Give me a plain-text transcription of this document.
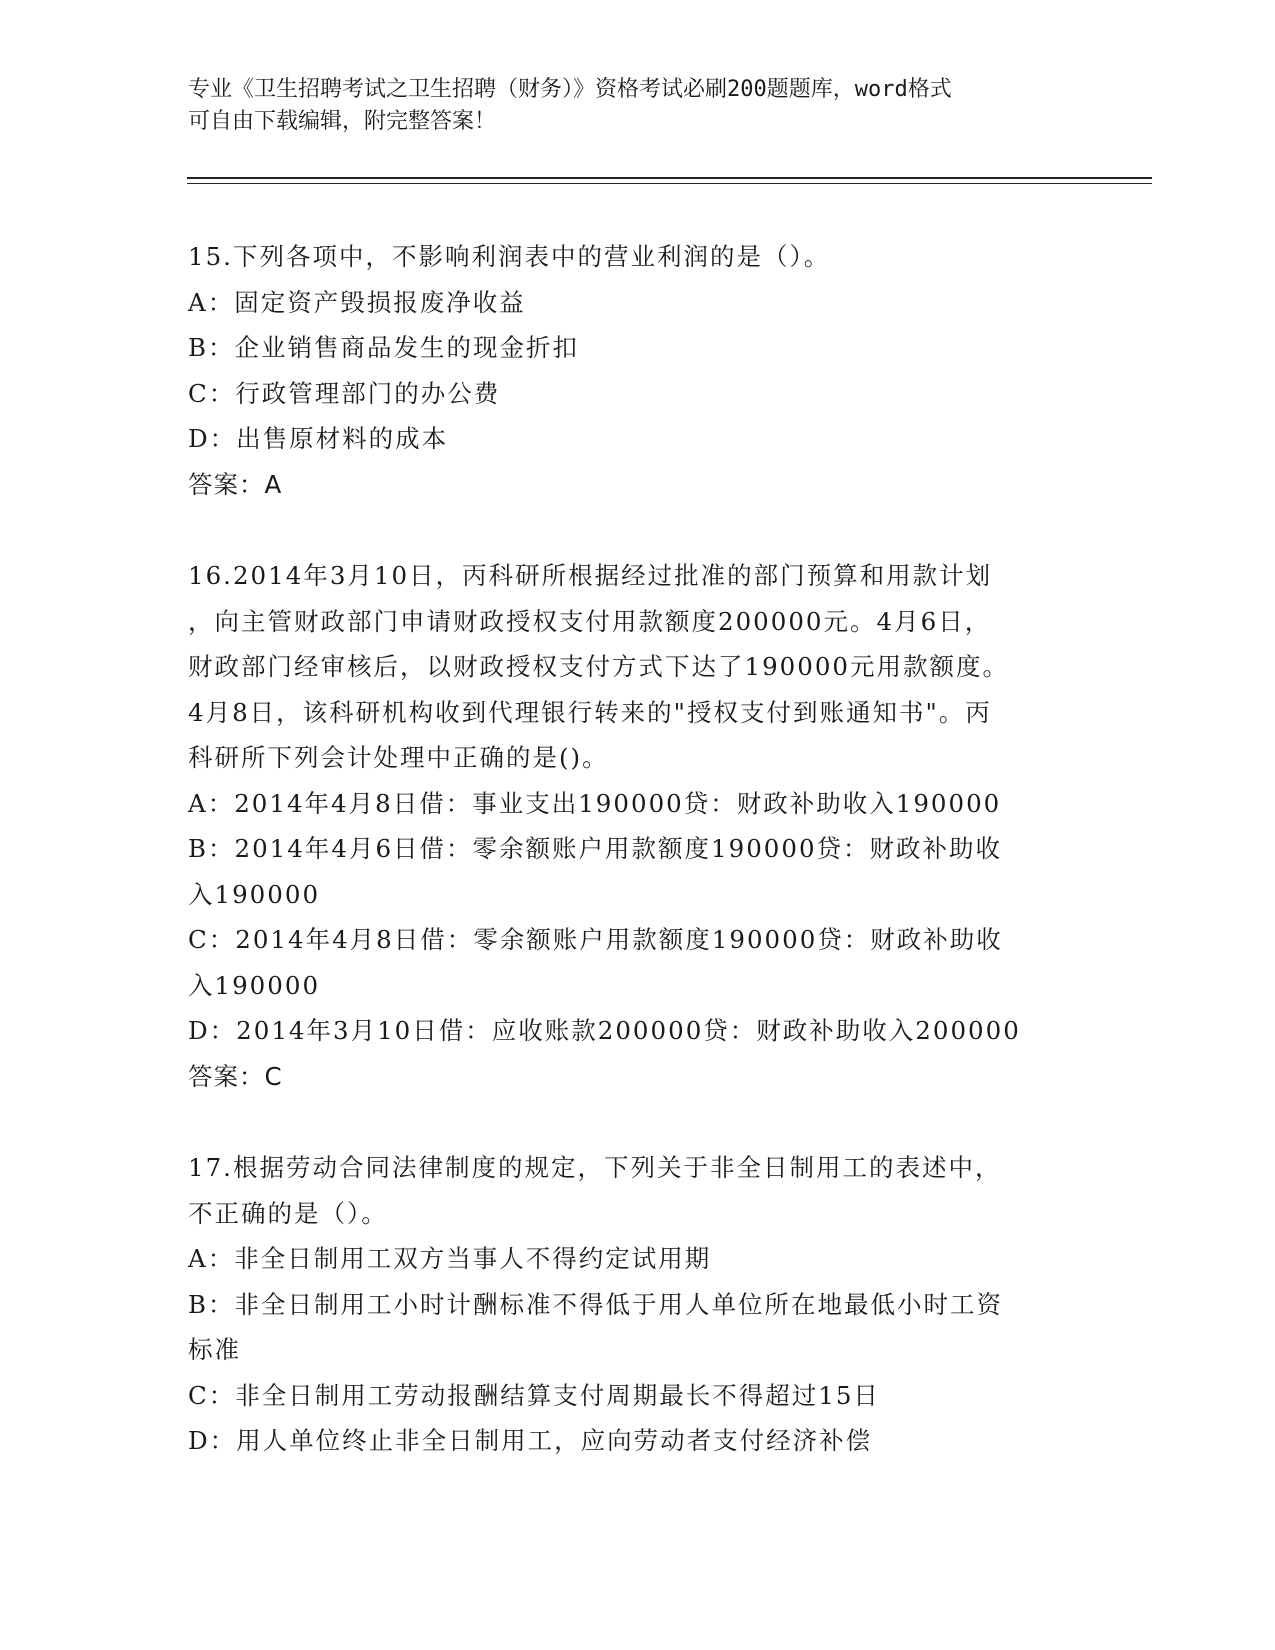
专业《卫生招聘考试之卫生招聘（财务）》资格考试必刷200题题库，word格式
可自由下载编辑，附完整答案！
15.下列各项中，不影响利润表中的营业利润的是（）。
A：固定资产毁损报废净收益
B：企业销售商品发生的现金折扣
C：行政管理部门的办公费
D：出售原材料的成本
答案：A
16.2014年3月10日，丙科研所根据经过批准的部门预算和用款计划
，向主管财政部门申请财政授权支付用款额度200000元。4月6日，
财政部门经审核后，以财政授权支付方式下达了190000元用款额度。
4月8日，该科研机构收到代理银行转来的"授权支付到账通知书"。丙
科研所下列会计处理中正确的是()。
A：2014年4月8日借：事业支出190000贷：财政补助收入190000
B：2014年4月6日借：零余额账户用款额度190000贷：财政补助收
入190000
C：2014年4月8日借：零余额账户用款额度190000贷：财政补助收
入190000
D：2014年3月10日借：应收账款200000贷：财政补助收入200000
答案：C
17.根据劳动合同法律制度的规定，下列关于非全日制用工的表述中，
不正确的是（）。
A：非全日制用工双方当事人不得约定试用期
B：非全日制用工小时计酬标准不得低于用人单位所在地最低小时工资
标准
C：非全日制用工劳动报酬结算支付周期最长不得超过15日
D：用人单位终止非全日制用工，应向劳动者支付经济补偿
